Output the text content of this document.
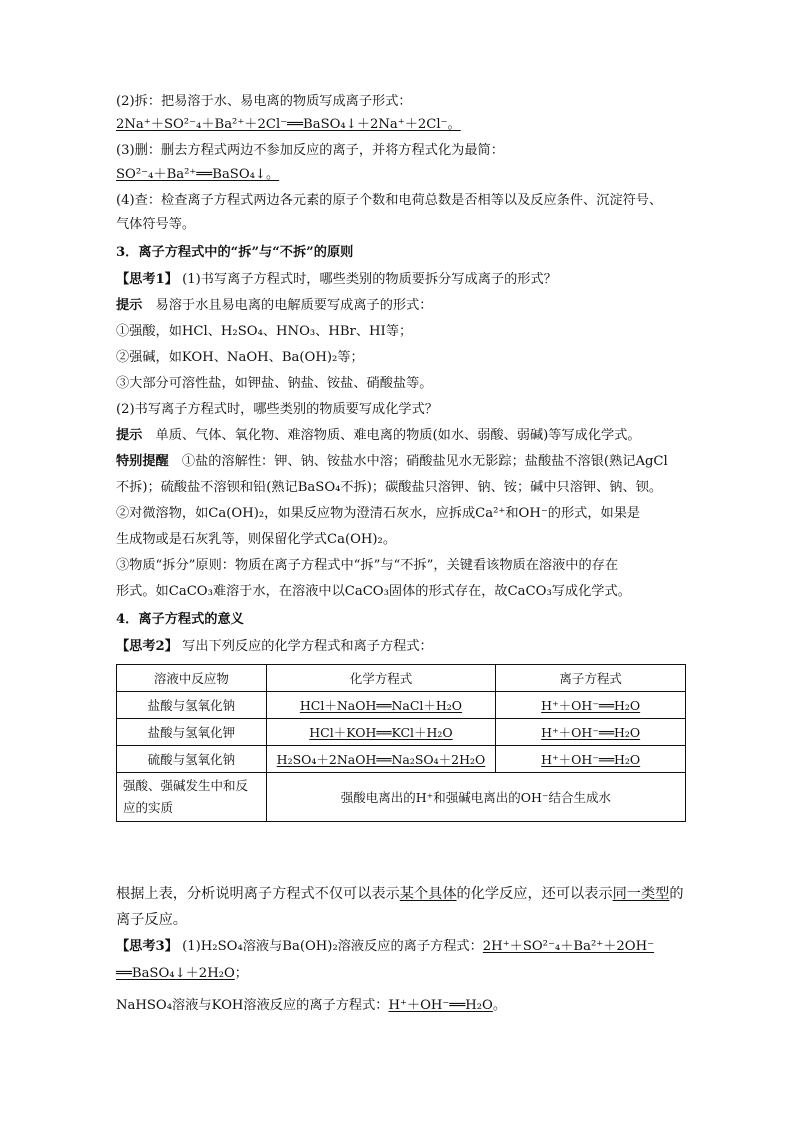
(2)拆：把易溶于水、易电离的物质写成离子形式：
2Na⁺＋SO²⁻₄＋Ba²⁺＋2Cl⁻══BaSO₄↓＋2Na⁺＋2Cl⁻。
(3)删：删去方程式两边不参加反应的离子，并将方程式化为最简：
SO²⁻₄＋Ba²⁺══BaSO₄↓。
(4)查：检查离子方程式两边各元素的原子个数和电荷总数是否相等以及反应条件、沉淀符号、
气体符号等。
3．离子方程式中的“拆”与“不拆”的原则
【思考1】 (1)书写离子方程式时，哪些类别的物质要拆分写成离子的形式？
提示　易溶于水且易电离的电解质要写成离子的形式：
①强酸，如HCl、H₂SO₄、HNO₃、HBr、HI等；
②强碱，如KOH、NaOH、Ba(OH)₂等；
③大部分可溶性盐，如钾盐、钠盐、铵盐、硝酸盐等。
(2)书写离子方程式时，哪些类别的物质要写成化学式？
提示　单质、气体、氧化物、难溶物质、难电离的物质(如水、弱酸、弱碱)等写成化学式。
特别提醒　①盐的溶解性：钾、钠、铵盐水中溶；硝酸盐见水无影踪；盐酸盐不溶银(熟记AgCl
不拆)；硫酸盐不溶钡和铅(熟记BaSO₄不拆)；碳酸盐只溶钾、钠、铵；碱中只溶钾、钠、钡。
②对微溶物，如Ca(OH)₂，如果反应物为澄清石灰水，应拆成Ca²⁺和OH⁻的形式，如果是
生成物或是石灰乳等，则保留化学式Ca(OH)₂。
③物质“拆分”原则：物质在离子方程式中“拆”与“不拆”，关键看该物质在溶液中的存在
形式。如CaCO₃难溶于水，在溶液中以CaCO₃固体的形式存在，故CaCO₃写成化学式。
4．离子方程式的意义
【思考2】 写出下列反应的化学方程式和离子方程式：
溶液中反应物	化学方程式	离子方程式
盐酸与氢氧化钠	HCl＋NaOH══NaCl＋H₂O	H⁺＋OH⁻══H₂O
盐酸与氢氧化钾	HCl＋KOH══KCl＋H₂O	H⁺＋OH⁻══H₂O
硫酸与氢氧化钠	H₂SO₄＋2NaOH══Na₂SO₄＋2H₂O	H⁺＋OH⁻══H₂O
强酸、强碱发生中和反应的实质	强酸电离出的H⁺和强碱电离出的OH⁻结合生成水	
根据上表，分析说明离子方程式不仅可以表示某个具体的化学反应，还可以表示同一类型的
离子反应。
【思考3】 (1)H₂SO₄溶液与Ba(OH)₂溶液反应的离子方程式：2H⁺＋SO²⁻₄＋Ba²⁺＋2OH⁻
══BaSO₄↓＋2H₂O；
NaHSO₄溶液与KOH溶液反应的离子方程式：H⁺＋OH⁻══H₂O。
